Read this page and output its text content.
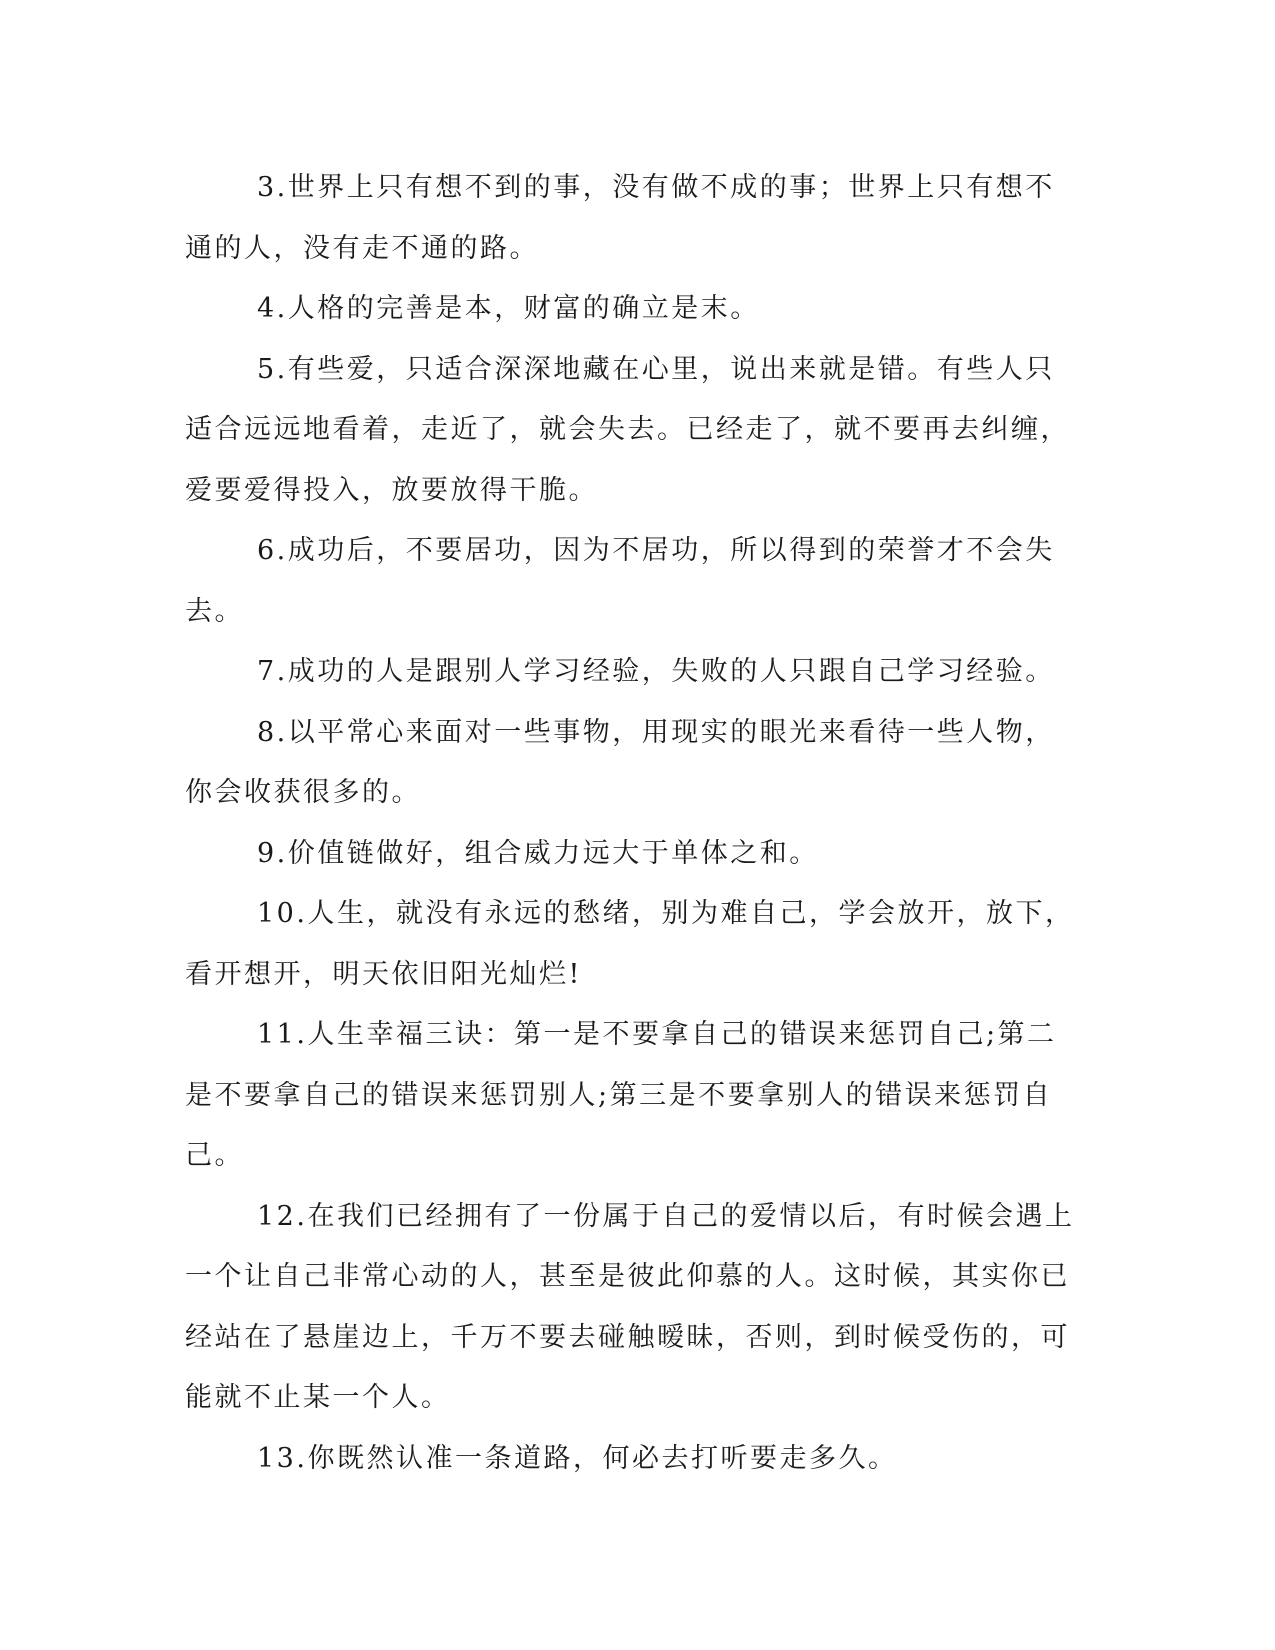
3.世界上只有想不到的事，没有做不成的事；世界上只有想不通的人，没有走不通的路。

4.人格的完善是本，财富的确立是末。

5.有些爱，只适合深深地藏在心里，说出来就是错。有些人只适合远远地看着，走近了，就会失去。已经走了，就不要再去纠缠，爱要爱得投入，放要放得干脆。

6.成功后，不要居功，因为不居功，所以得到的荣誉才不会失去。

7.成功的人是跟别人学习经验，失败的人只跟自己学习经验。

8.以平常心来面对一些事物，用现实的眼光来看待一些人物，你会收获很多的。

9.价值链做好，组合威力远大于单体之和。

10.人生，就没有永远的愁绪，别为难自己，学会放开，放下，看开想开，明天依旧阳光灿烂!

11.人生幸福三诀：第一是不要拿自己的错误来惩罚自己;第二是不要拿自己的错误来惩罚别人;第三是不要拿别人的错误来惩罚自己。

12.在我们已经拥有了一份属于自己的爱情以后，有时候会遇上一个让自己非常心动的人，甚至是彼此仰慕的人。这时候，其实你已经站在了悬崖边上，千万不要去碰触暧昧，否则，到时候受伤的，可能就不止某一个人。

13.你既然认准一条道路，何必去打听要走多久。
